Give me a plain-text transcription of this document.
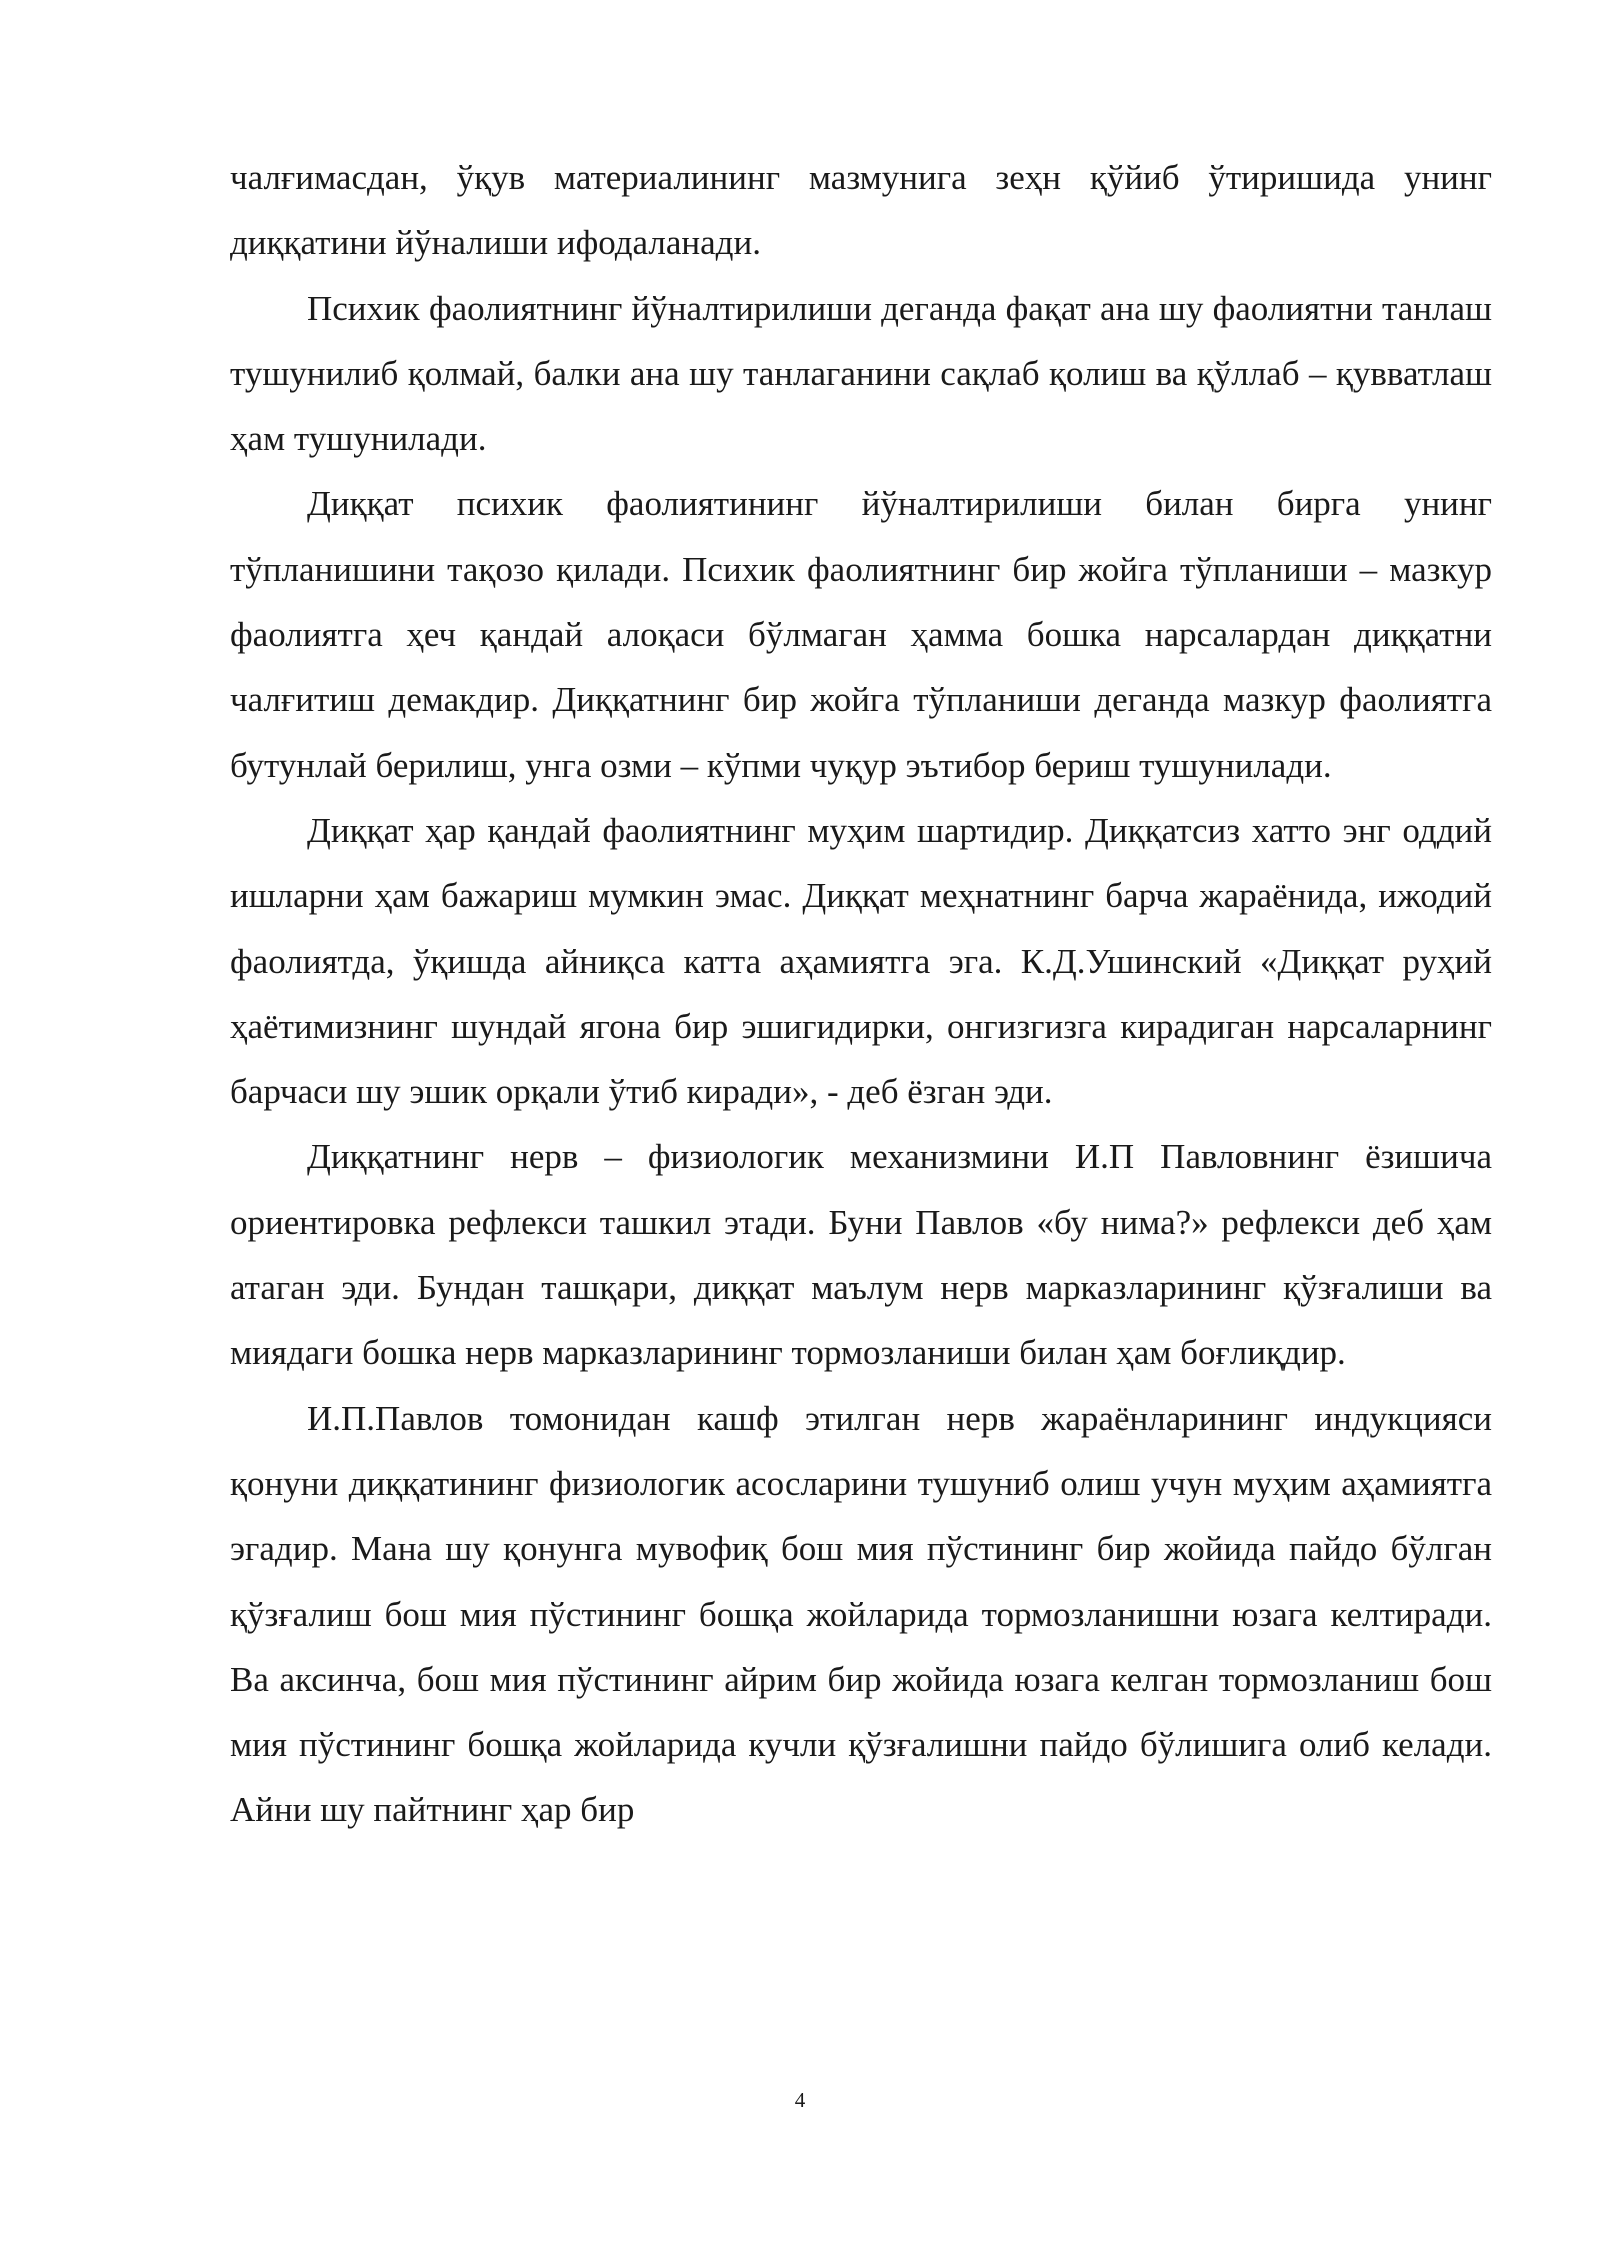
чалғимасдан, ўқув материалининг мазмунига зеҳн қўйиб ўтиришида унинг диққатини йўналиши ифодаланади.

Психик фаолиятнинг йўналтирилиши деганда фақат ана шу фаолиятни танлаш тушунилиб қолмай, балки ана шу танлаганини сақлаб қолиш ва қўллаб – қувватлаш ҳам тушунилади.

Диққат психик фаолиятининг йўналтирилиши билан бирга унинг тўпланишини тақозо қилади. Психик фаолиятнинг бир жойга тўпланиши – мазкур фаолиятга ҳеч қандай алоқаси бўлмаган ҳамма бошка нарсалардан диққатни чалғитиш демакдир. Диққатнинг бир жойга тўпланиши деганда мазкур фаолиятга бутунлай берилиш, унга озми – кўпми чуқур эътибор бериш тушунилади.

Диққат ҳар қандай фаолиятнинг муҳим шартидир. Диққатсиз хатто энг оддий ишларни ҳам бажариш мумкин эмас. Диққат меҳнатнинг барча жараёнида, ижодий фаолиятда, ўқишда айниқса катта аҳамиятга эга. К.Д.Ушинский «Диққат руҳий ҳаётимизнинг шундай ягона бир эшигидирки, онгизгизга кирадиган нарсаларнинг барчаси шу эшик орқали ўтиб киради», - деб ёзган эди.

Диққатнинг нерв – физиологик механизмини И.П Павловнинг ёзишича ориентировка рефлекси ташкил этади. Буни Павлов «бу нима?» рефлекси деб ҳам атаган эди. Бундан ташқари, диққат маълум нерв марказларининг қўзғалиши ва миядаги бошка нерв марказларининг тормозланиши билан ҳам боғлиқдир.

И.П.Павлов томонидан кашф этилган нерв жараёнларининг индукцияси қонуни диққатининг физиологик асосларини тушуниб олиш учун муҳим аҳамиятга эгадир. Мана шу қонунга мувофиқ бош мия пўстининг бир жойида пайдо бўлган қўзғалиш бош мия пўстининг бошқа жойларида тормозланишни юзага келтиради. Ва аксинча, бош мия пўстининг айрим бир жойида юзага келган тормозланиш бош мия пўстининг бошқа жойларида кучли қўзғалишни пайдо бўлишига олиб келади. Айни шу пайтнинг ҳар бир

4
